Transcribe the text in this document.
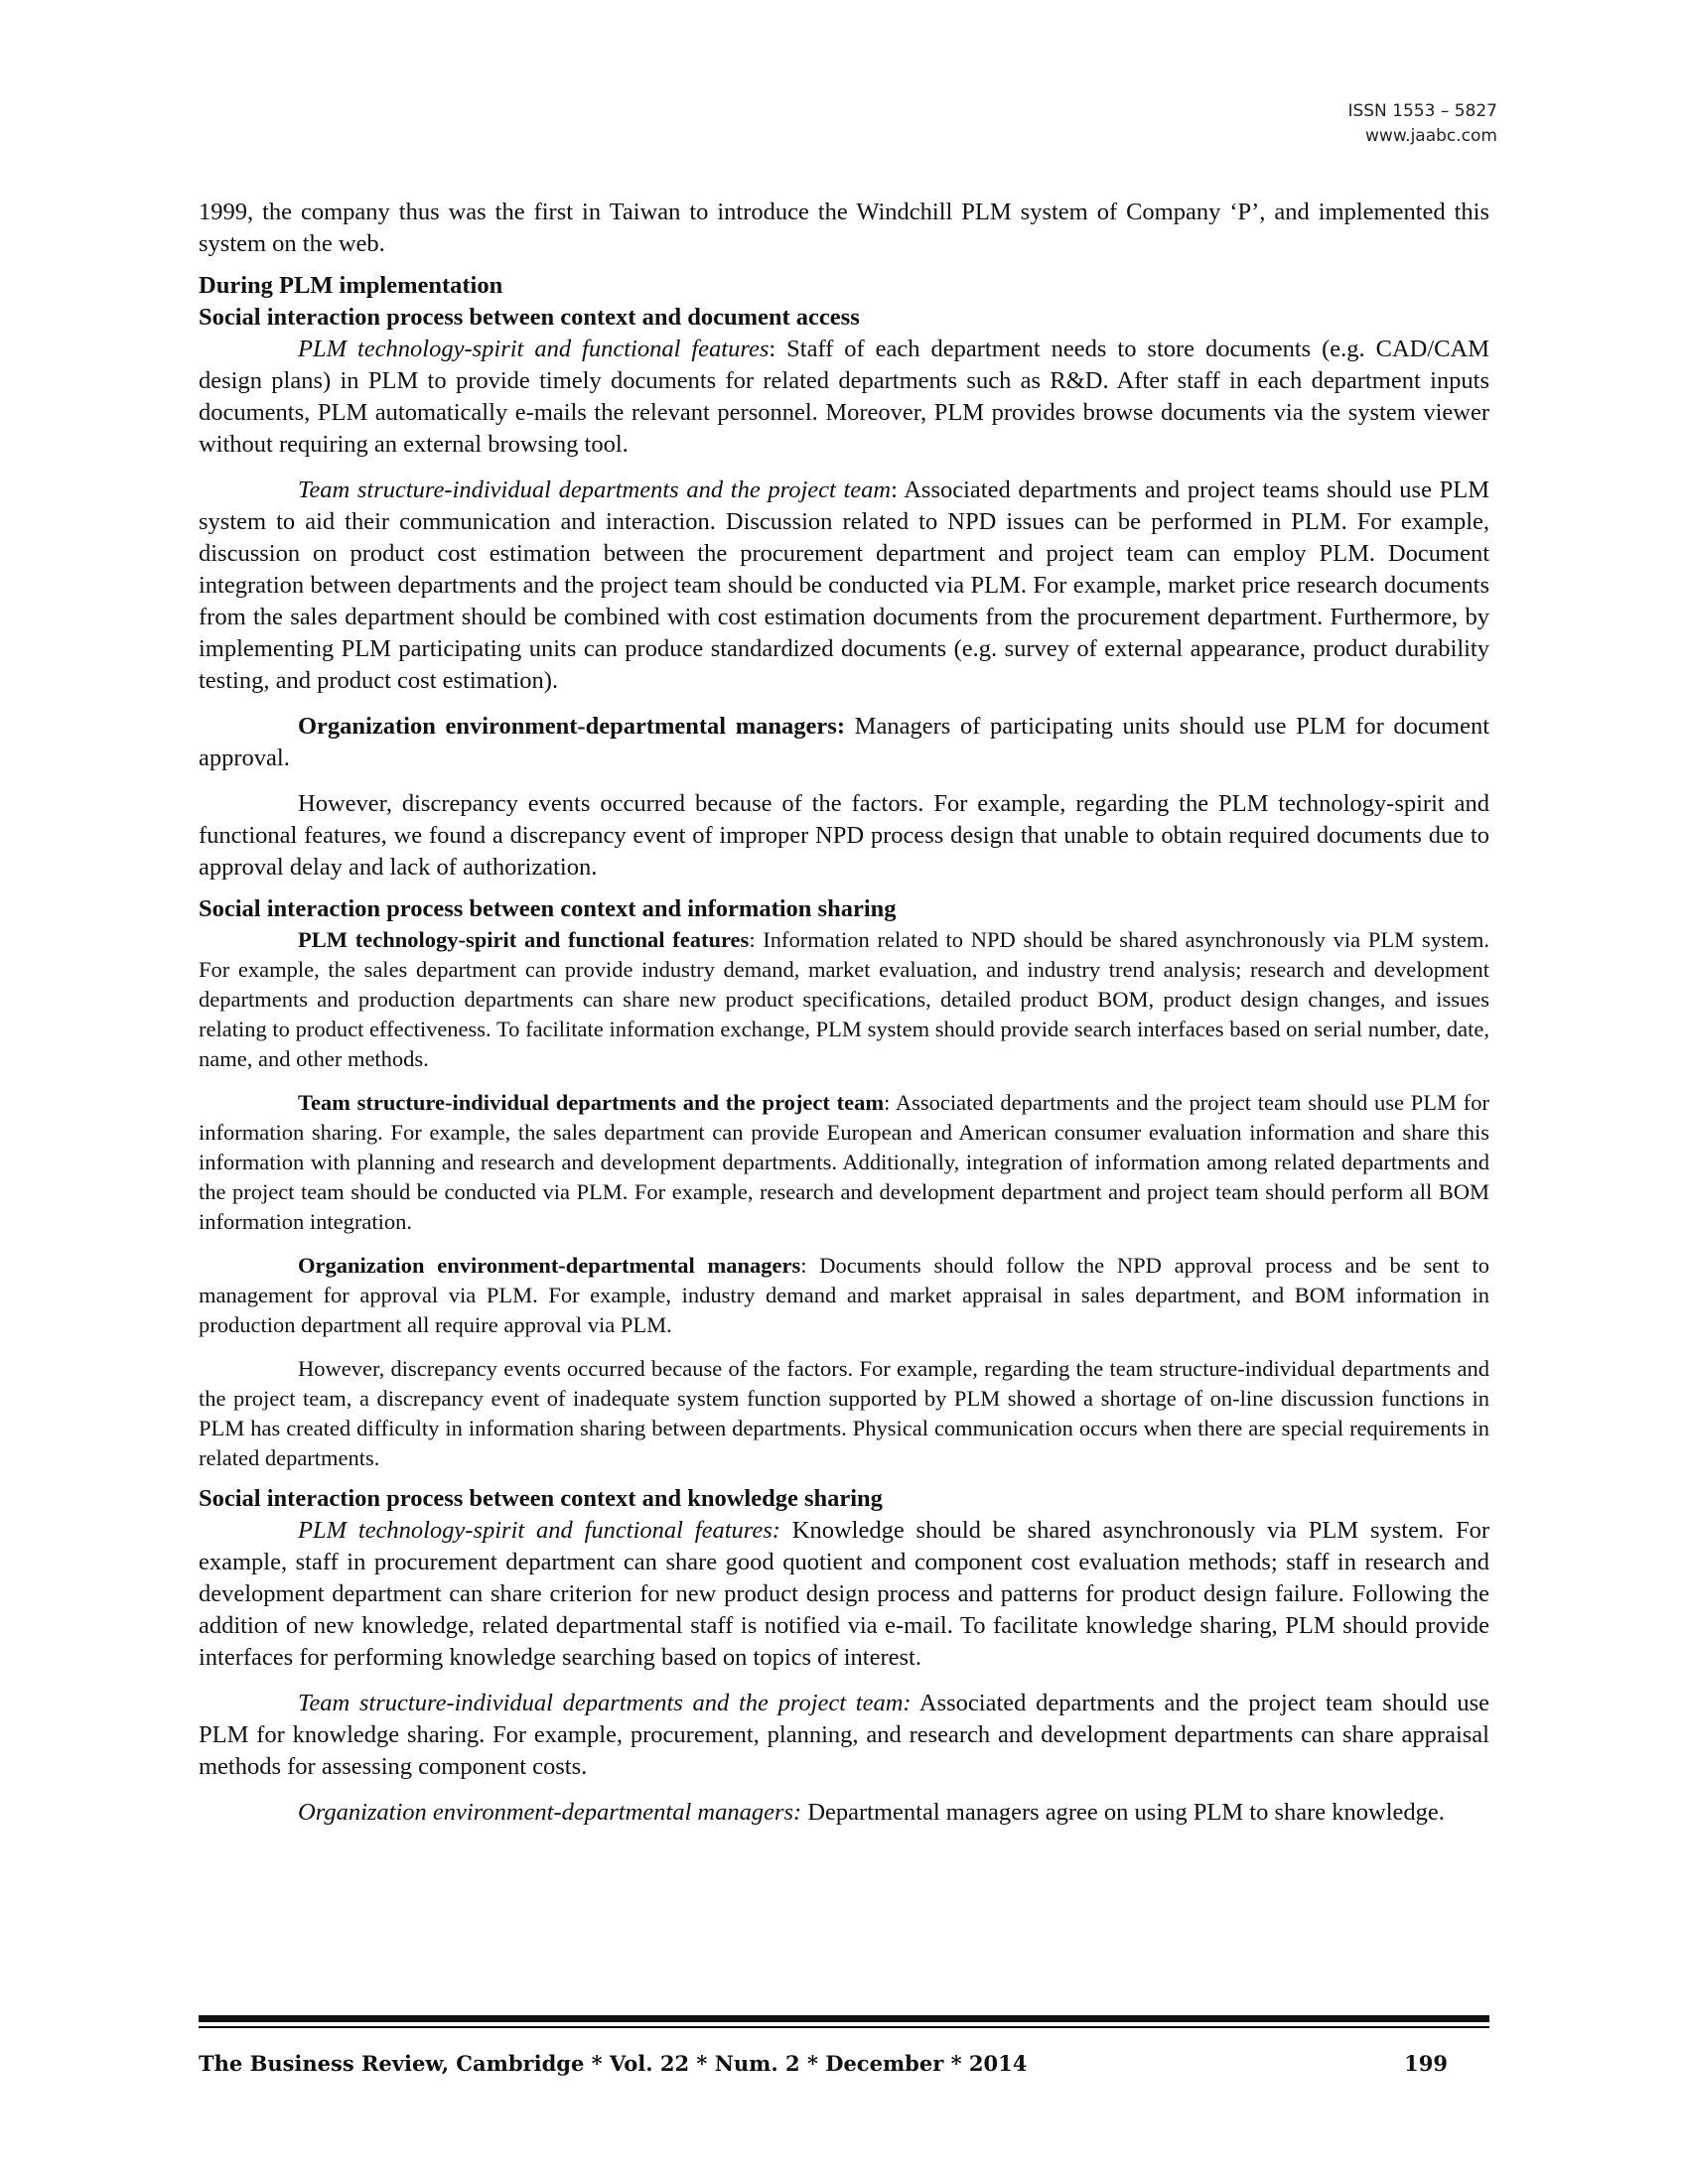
ISSN 1553 – 5827
www.jaabc.com

1999, the company thus was the first in Taiwan to introduce the Windchill PLM system of Company ‘P’, and implemented this system on the web.

During PLM implementation
Social interaction process between context and document access

PLM technology-spirit and functional features: Staff of each department needs to store documents (e.g. CAD/CAM design plans) in PLM to provide timely documents for related departments such as R&D. After staff in each department inputs documents, PLM automatically e-mails the relevant personnel. Moreover, PLM provides browse documents via the system viewer without requiring an external browsing tool.

Team structure-individual departments and the project team: Associated departments and project teams should use PLM system to aid their communication and interaction. Discussion related to NPD issues can be performed in PLM. For example, discussion on product cost estimation between the procurement department and project team can employ PLM. Document integration between departments and the project team should be conducted via PLM. For example, market price research documents from the sales department should be combined with cost estimation documents from the procurement department. Furthermore, by implementing PLM participating units can produce standardized documents (e.g. survey of external appearance, product durability testing, and product cost estimation).

Organization environment-departmental managers: Managers of participating units should use PLM for document approval.

However, discrepancy events occurred because of the factors. For example, regarding the PLM technology-spirit and functional features, we found a discrepancy event of improper NPD process design that unable to obtain required documents due to approval delay and lack of authorization.

Social interaction process between context and information sharing

PLM technology-spirit and functional features: Information related to NPD should be shared asynchronously via PLM system. For example, the sales department can provide industry demand, market evaluation, and industry trend analysis; research and development departments and production departments can share new product specifications, detailed product BOM, product design changes, and issues relating to product effectiveness. To facilitate information exchange, PLM system should provide search interfaces based on serial number, date, name, and other methods.

Team structure-individual departments and the project team: Associated departments and the project team should use PLM for information sharing. For example, the sales department can provide European and American consumer evaluation information and share this information with planning and research and development departments. Additionally, integration of information among related departments and the project team should be conducted via PLM. For example, research and development department and project team should perform all BOM information integration.

Organization environment-departmental managers: Documents should follow the NPD approval process and be sent to management for approval via PLM. For example, industry demand and market appraisal in sales department, and BOM information in production department all require approval via PLM.

However, discrepancy events occurred because of the factors. For example, regarding the team structure-individual departments and the project team, a discrepancy event of inadequate system function supported by PLM showed a shortage of on-line discussion functions in PLM has created difficulty in information sharing between departments. Physical communication occurs when there are special requirements in related departments.

Social interaction process between context and knowledge sharing

PLM technology-spirit and functional features: Knowledge should be shared asynchronously via PLM system. For example, staff in procurement department can share good quotient and component cost evaluation methods; staff in research and development department can share criterion for new product design process and patterns for product design failure. Following the addition of new knowledge, related departmental staff is notified via e-mail. To facilitate knowledge sharing, PLM should provide interfaces for performing knowledge searching based on topics of interest.

Team structure-individual departments and the project team: Associated departments and the project team should use PLM for knowledge sharing. For example, procurement, planning, and research and development departments can share appraisal methods for assessing component costs.

Organization environment-departmental managers: Departmental managers agree on using PLM to share knowledge.

The Business Review, Cambridge * Vol. 22 * Num. 2 * December * 2014	199
